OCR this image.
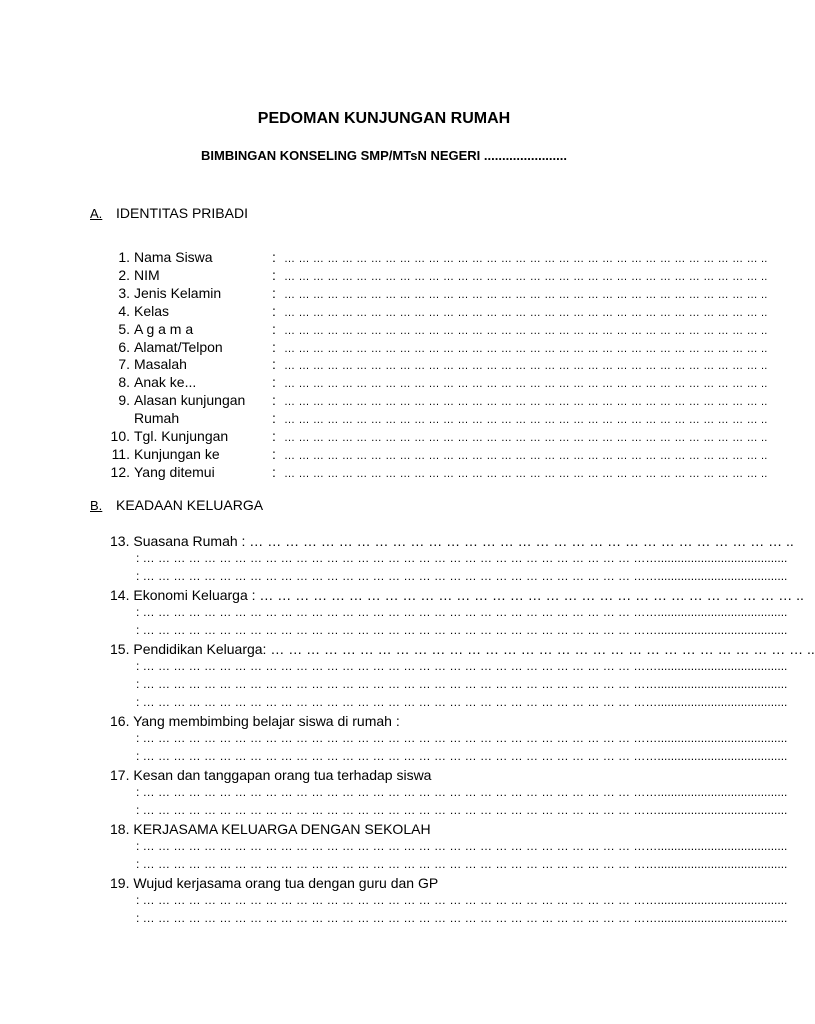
PEDOMAN KUNJUNGAN RUMAH
BIMBINGAN KONSELING SMP/MTsN NEGERI .......................
A. IDENTITAS PRIBADI
1. Nama Siswa	: … … … … … … … … … … … … … … … … … … … … … … … … … … … … … … … … … ..
2. NIM	: … … … … … … … … … … … … … … … … … … … … … … … … … … … … … … … … … ..
3. Jenis Kelamin	: … … … … … … … … … … … … … … … … … … … … … … … … … … … … … … … … … ..
4. Kelas	: … … … … … … … … … … … … … … … … … … … … … … … … … … … … … … … … … ..
5. A g a m a	: … … … … … … … … … … … … … … … … … … … … … … … … … … … … … … … … … ..
6. Alamat/Telpon	: … … … … … … … … … … … … … … … … … … … … … … … … … … … … … … … … … ..
7. Masalah	: … … … … … … … … … … … … … … … … … … … … … … … … … … … … … … … … … ..
8. Anak ke...	: … … … … … … … … … … … … … … … … … … … … … … … … … … … … … … … … … ..
9. Alasan kunjungan : … … … … … … … … … … … … … … … … … … … … … … … … … … … … … … … … … ..
Rumah	: … … … … … … … … … … … … … … … … … … … … … … … … … … … … … … … … … ..
10. Tgl. Kunjungan	: … … … … … … … … … … … … … … … … … … … … … … … … … … … … … … … … … ..
11. Kunjungan ke	: … … … … … … … … … … … … … … … … … … … … … … … … … … … … … … … … … ..
12. Yang ditemui	: … … … … … … … … … … … … … … … … … … … … … … … … … … … … … … … … … ..
B. KEADAAN KELUARGA
13. Suasana Rumah : … … … … … … … … … … … … … … … … … … … … … … … … … … … … … … ..
: … … … … … … … … … … … … … … … … … … … … … … … … … … … … … … … … …….......................................
: … … … … … … … … … … … … … … … … … … … … … … … … … … … … … … … … …….......................................
14. Ekonomi Keluarga : … … … … … … … … … … … … … … … … … … … … … … … … … … … … … … ..
: … … … … … … … … … … … … … … … … … … … … … … … … … … … … … … … … …….......................................
: … … … … … … … … … … … … … … … … … … … … … … … … … … … … … … … … …….......................................
15. Pendidikan Keluarga: … … … … … … … … … … … … … … … … … … … … … … … … … … … … … … ..
: … … … … … … … … … … … … … … … … … … … … … … … … … … … … … … … … …….......................................
: … … … … … … … … … … … … … … … … … … … … … … … … … … … … … … … … …….......................................
: … … … … … … … … … … … … … … … … … … … … … … … … … … … … … … … … …….......................................
16. Yang membimbing belajar siswa di rumah :
: … … … … … … … … … … … … … … … … … … … … … … … … … … … … … … … … …….......................................
: … … … … … … … … … … … … … … … … … … … … … … … … … … … … … … … … …….......................................
17. Kesan dan tanggapan orang tua terhadap siswa
: … … … … … … … … … … … … … … … … … … … … … … … … … … … … … … … … …….......................................
: … … … … … … … … … … … … … … … … … … … … … … … … … … … … … … … … …….......................................
18. KERJASAMA KELUARGA DENGAN SEKOLAH
: … … … … … … … … … … … … … … … … … … … … … … … … … … … … … … … … …….......................................
: … … … … … … … … … … … … … … … … … … … … … … … … … … … … … … … … …….......................................
19. Wujud kerjasama orang tua dengan guru dan GP
: … … … … … … … … … … … … … … … … … … … … … … … … … … … … … … … … …….......................................
: … … … … … … … … … … … … … … … … … … … … … … … … … … … … … … … … …….......................................
